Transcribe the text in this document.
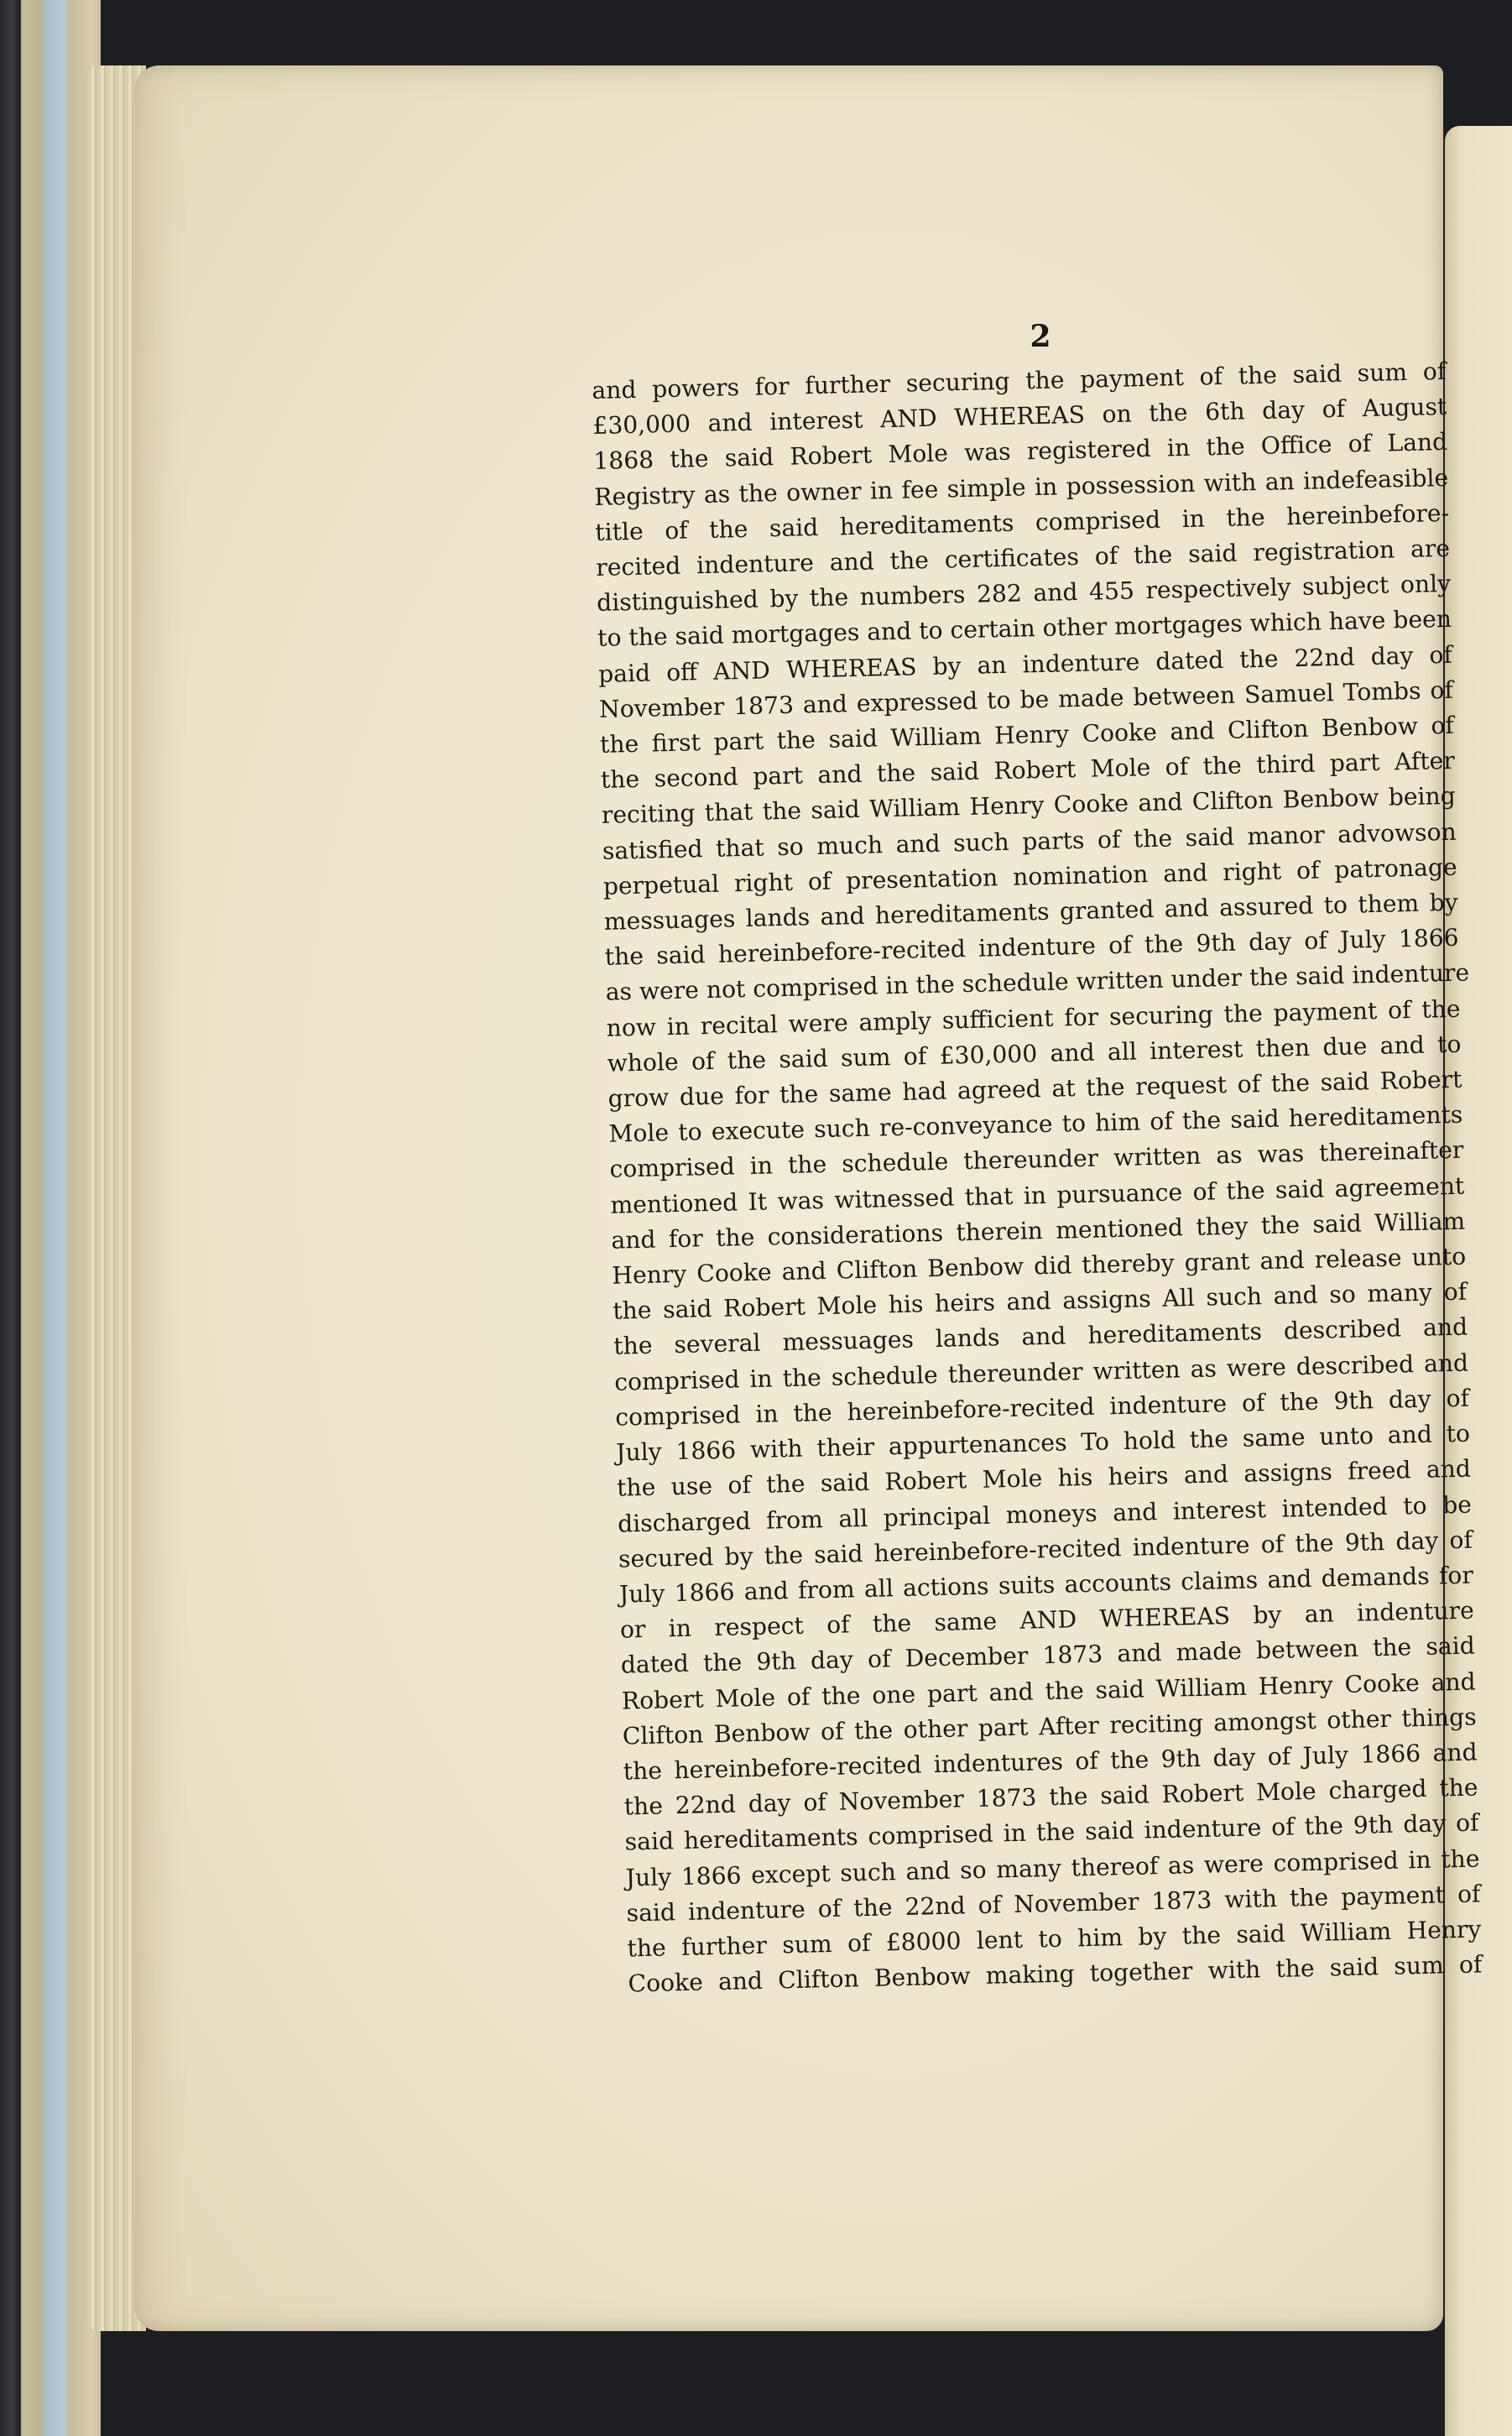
2
and powers for further securing the payment of the said sum of
£30,000 and interest AND WHEREAS on the 6th day of August
1868 the said Robert Mole was registered in the Office of Land
Registry as the owner in fee simple in possession with an indefeasible
title of the said hereditaments comprised in the hereinbefore-
recited indenture and the certificates of the said registration are
distinguished by the numbers 282 and 455 respectively subject only
to the said mortgages and to certain other mortgages which have been
paid off AND WHEREAS by an indenture dated the 22nd day of
November 1873 and expressed to be made between Samuel Tombs of
the first part the said William Henry Cooke and Clifton Benbow of
the second part and the said Robert Mole of the third part After
reciting that the said William Henry Cooke and Clifton Benbow being
satisfied that so much and such parts of the said manor advowson
perpetual right of presentation nomination and right of patronage
messuages lands and hereditaments granted and assured to them by
the said hereinbefore-recited indenture of the 9th day of July 1866
as were not comprised in the schedule written under the said indenture
now in recital were amply sufficient for securing the payment of the
whole of the said sum of £30,000 and all interest then due and to
grow due for the same had agreed at the request of the said Robert
Mole to execute such re-conveyance to him of the said hereditaments
comprised in the schedule thereunder written as was thereinafter
mentioned It was witnessed that in pursuance of the said agreement
and for the considerations therein mentioned they the said William
Henry Cooke and Clifton Benbow did thereby grant and release unto
the said Robert Mole his heirs and assigns All such and so many of
the several messuages lands and hereditaments described and
comprised in the schedule thereunder written as were described and
comprised in the hereinbefore-recited indenture of the 9th day of
July 1866 with their appurtenances To hold the same unto and to
the use of the said Robert Mole his heirs and assigns freed and
discharged from all principal moneys and interest intended to be
secured by the said hereinbefore-recited indenture of the 9th day of
July 1866 and from all actions suits accounts claims and demands for
or in respect of the same AND WHEREAS by an indenture
dated the 9th day of December 1873 and made between the said
Robert Mole of the one part and the said William Henry Cooke and
Clifton Benbow of the other part After reciting amongst other things
the hereinbefore-recited indentures of the 9th day of July 1866 and
the 22nd day of November 1873 the said Robert Mole charged the
said hereditaments comprised in the said indenture of the 9th day of
July 1866 except such and so many thereof as were comprised in the
said indenture of the 22nd of November 1873 with the payment of
the further sum of £8000 lent to him by the said William Henry
Cooke and Clifton Benbow making together with the said sum of
